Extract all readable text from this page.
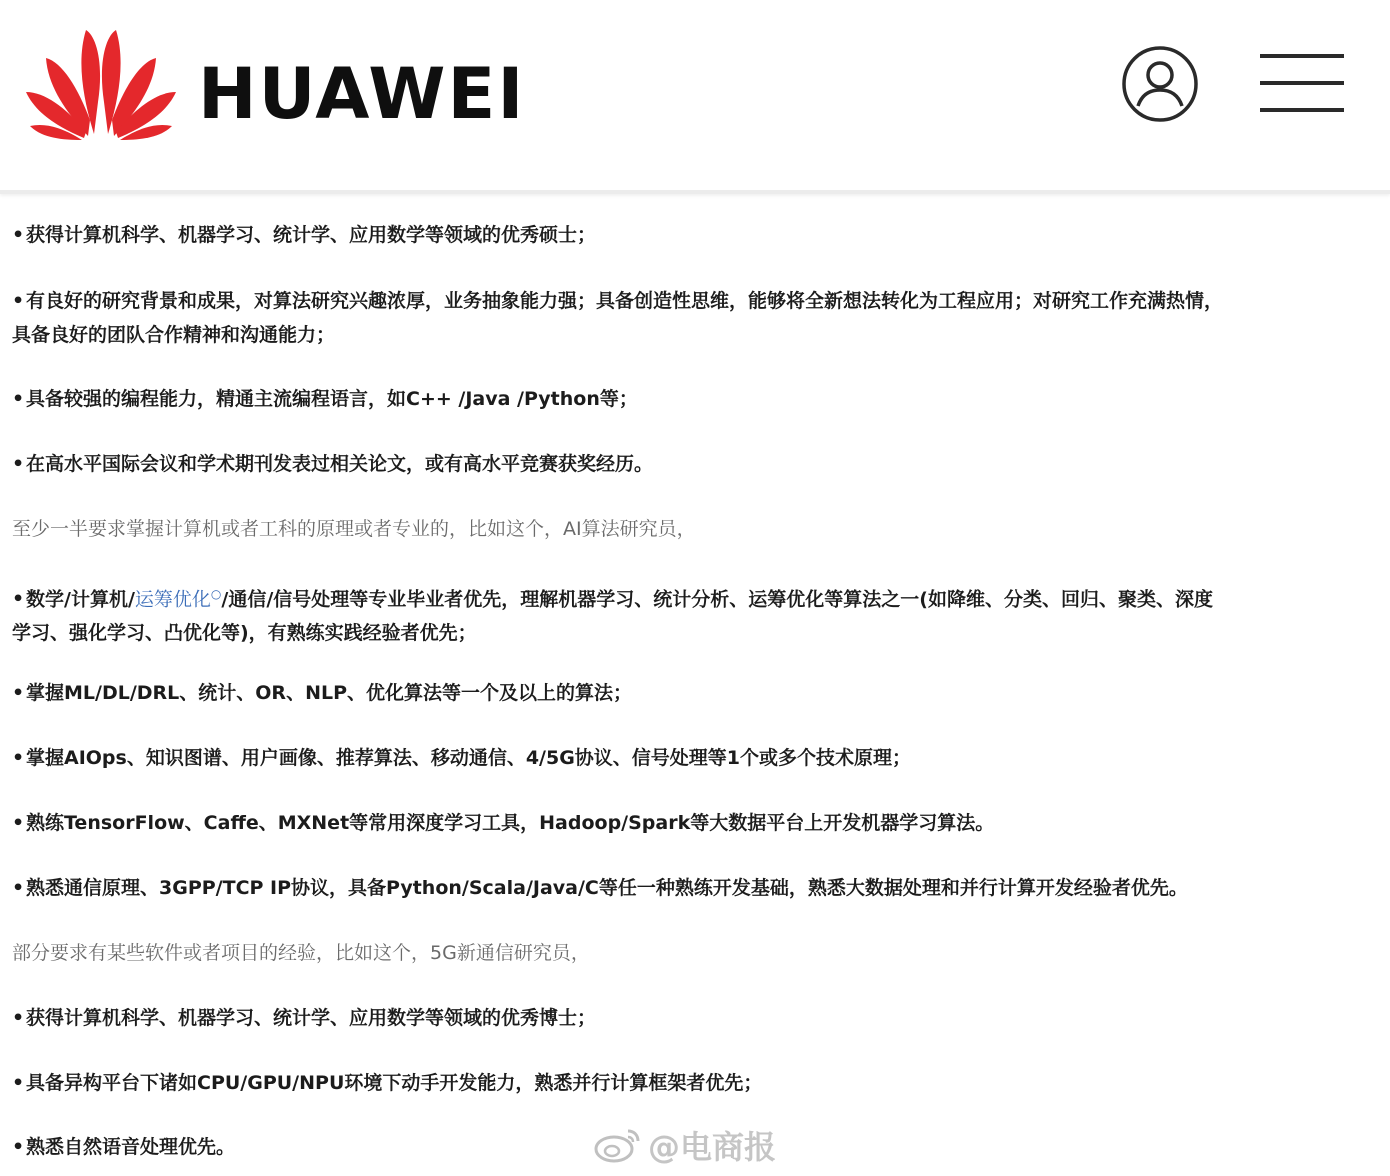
HUAWEI
•获得计算机科学、机器学习、统计学、应用数学等领域的优秀硕士；
•有良好的研究背景和成果，对算法研究兴趣浓厚，业务抽象能力强；具备创造性思维，能够将全新想法转化为工程应用；对研究工作充满热情，
具备良好的团队合作精神和沟通能力；
•具备较强的编程能力，精通主流编程语言，如C++ /Java /Python等；
•在高水平国际会议和学术期刊发表过相关论文，或有高水平竞赛获奖经历。
至少一半要求掌握计算机或者工科的原理或者专业的，比如这个，AI算法研究员，
•数学/计算机/运筹优化○/通信/信号处理等专业毕业者优先，理解机器学习、统计分析、运筹优化等算法之一(如降维、分类、回归、聚类、深度
学习、强化学习、凸优化等)，有熟练实践经验者优先；
•掌握ML/DL/DRL、统计、OR、NLP、优化算法等一个及以上的算法；
•掌握AIOps、知识图谱、用户画像、推荐算法、移动通信、4/5G协议、信号处理等1个或多个技术原理；
•熟练TensorFlow、Caffe、MXNet等常用深度学习工具，Hadoop/Spark等大数据平台上开发机器学习算法。
•熟悉通信原理、3GPP/TCP IP协议，具备Python/Scala/Java/C等任一种熟练开发基础，熟悉大数据处理和并行计算开发经验者优先。
部分要求有某些软件或者项目的经验，比如这个，5G新通信研究员，
•获得计算机科学、机器学习、统计学、应用数学等领域的优秀博士；
•具备异构平台下诸如CPU/GPU/NPU环境下动手开发能力，熟悉并行计算框架者优先；
•熟悉自然语音处理优先。	@电商报
